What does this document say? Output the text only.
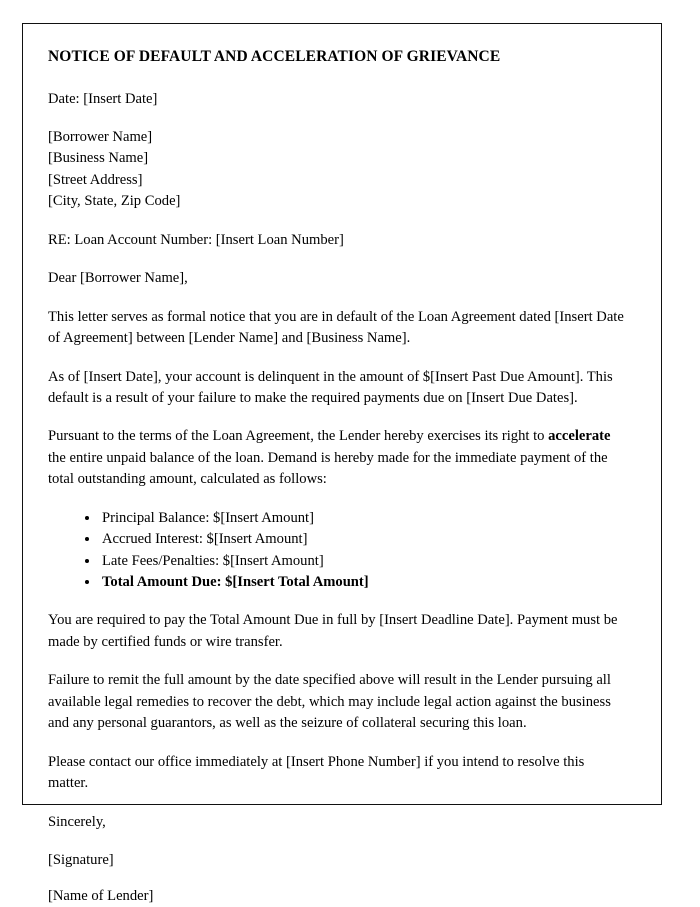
NOTICE OF DEFAULT AND ACCELERATION OF GRIEVANCE

Date: [Insert Date]

[Borrower Name]

[Business Name]

[Street Address]

[City, State, Zip Code]

RE: Loan Account Number: [Insert Loan Number]

Dear [Borrower Name],

This letter serves as formal notice that you are in default of the Loan Agreement dated [Insert Date of Agreement] between [Lender Name] and [Business Name].

As of [Insert Date], your account is delinquent in the amount of $[Insert Past Due Amount]. This default is a result of your failure to make the required payments due on [Insert Due Dates].

Pursuant to the terms of the Loan Agreement, the Lender hereby exercises its right to accelerate the entire unpaid balance of the loan. Demand is hereby made for the immediate payment of the total outstanding amount, calculated as follows:

• Principal Balance: $[Insert Amount]
• Accrued Interest: $[Insert Amount]
• Late Fees/Penalties: $[Insert Amount]
• Total Amount Due: $[Insert Total Amount]

You are required to pay the Total Amount Due in full by [Insert Deadline Date]. Payment must be made by certified funds or wire transfer.

Failure to remit the full amount by the date specified above will result in the Lender pursuing all available legal remedies to recover the debt, which may include legal action against the business and any personal guarantors, as well as the seizure of collateral securing this loan.

Please contact our office immediately at [Insert Phone Number] if you intend to resolve this matter.

Sincerely,

[Signature]

[Name of Lender]
